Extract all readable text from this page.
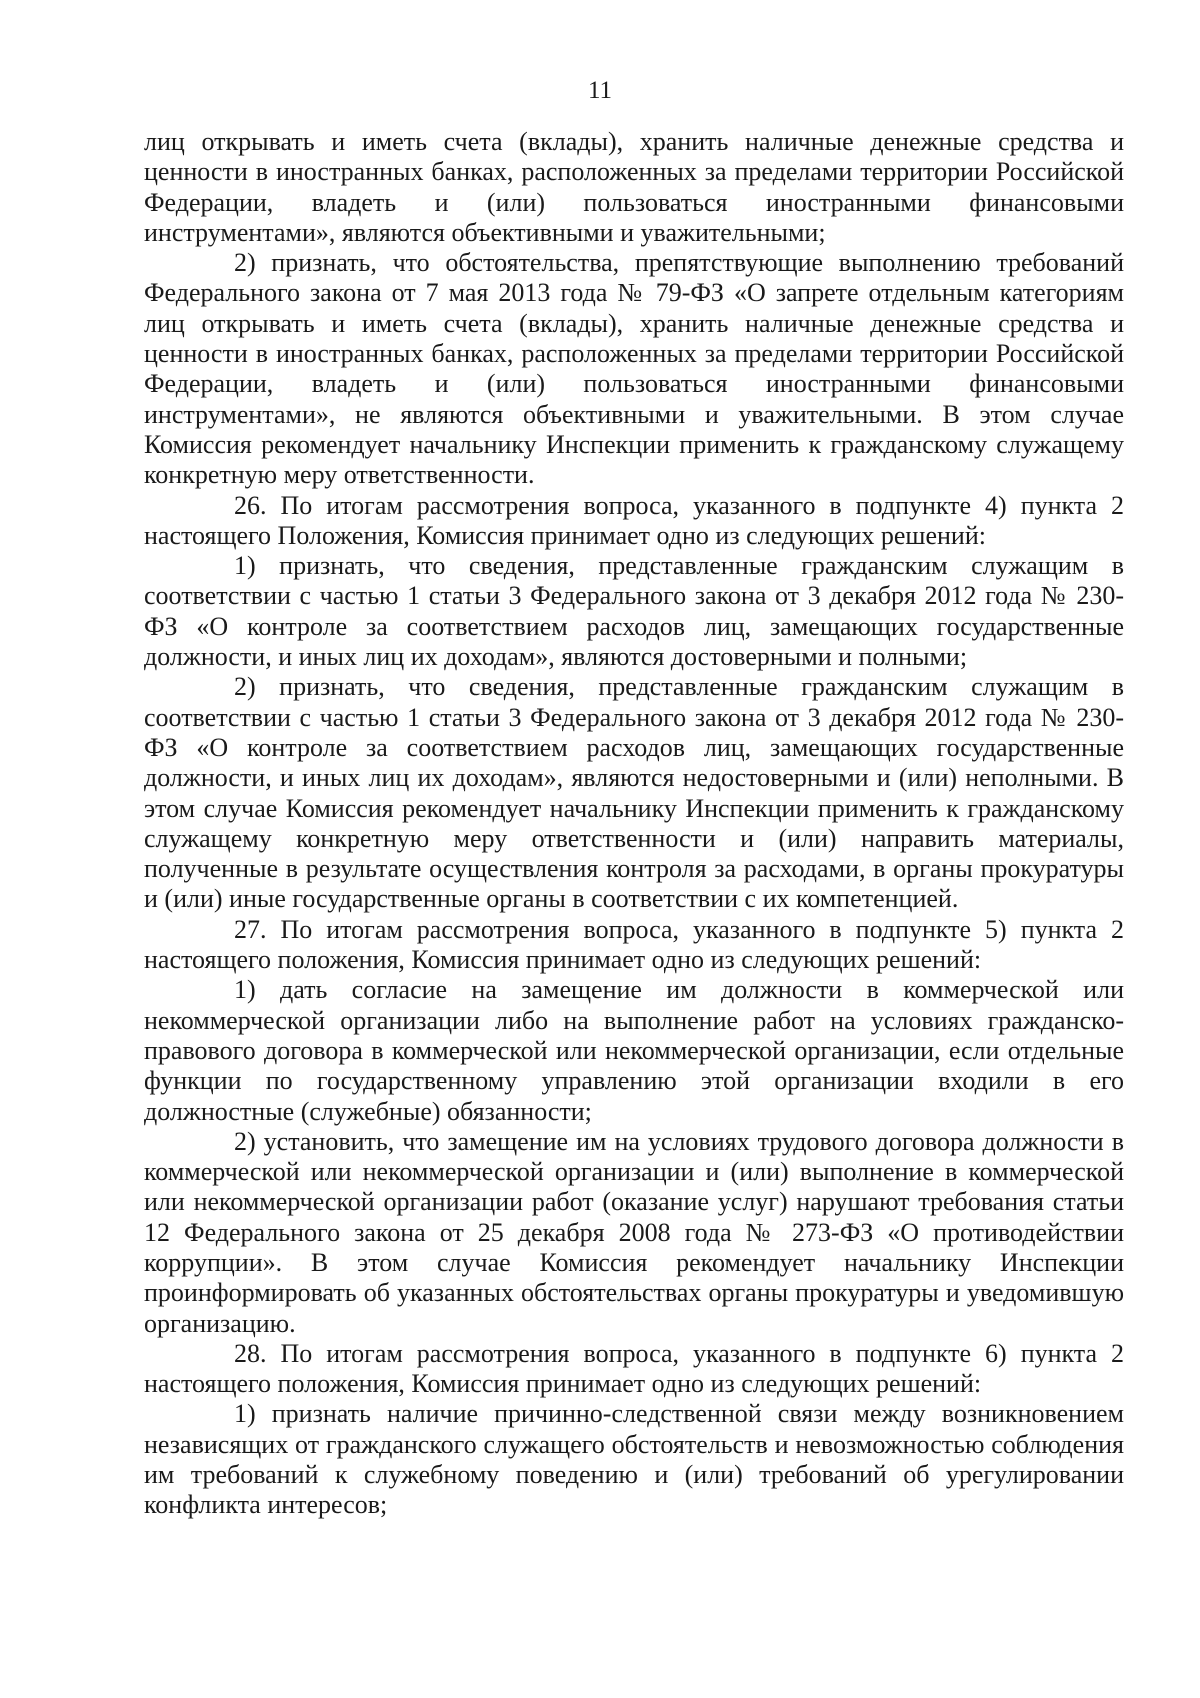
11

лиц открывать и иметь счета (вклады), хранить наличные денежные средства и ценности в иностранных банках, расположенных за пределами территории Российской Федерации, владеть и (или) пользоваться иностранными финансовыми инструментами», являются объективными и уважительными;

2) признать, что обстоятельства, препятствующие выполнению требований Федерального закона от 7 мая 2013 года № 79-ФЗ «О запрете отдельным категориям лиц открывать и иметь счета (вклады), хранить наличные денежные средства и ценности в иностранных банках, расположенных за пределами территории Российской Федерации, владеть и (или) пользоваться иностранными финансовыми инструментами», не являются объективными и уважительными. В этом случае Комиссия рекомендует начальнику Инспекции применить к гражданскому служащему конкретную меру ответственности.

26. По итогам рассмотрения вопроса, указанного в подпункте 4) пункта 2 настоящего Положения, Комиссия принимает одно из следующих решений:

1) признать, что сведения, представленные гражданским служащим в соответствии с частью 1 статьи 3 Федерального закона от 3 декабря 2012 года № 230-ФЗ «О контроле за соответствием расходов лиц, замещающих государственные должности, и иных лиц их доходам», являются достоверными и полными;

2) признать, что сведения, представленные гражданским служащим в соответствии с частью 1 статьи 3 Федерального закона от 3 декабря 2012 года № 230-ФЗ «О контроле за соответствием расходов лиц, замещающих государственные должности, и иных лиц их доходам», являются недостоверными и (или) неполными. В этом случае Комиссия рекомендует начальнику Инспекции применить к гражданскому служащему конкретную меру ответственности и (или) направить материалы, полученные в результате осуществления контроля за расходами, в органы прокуратуры и (или) иные государственные органы в соответствии с их компетенцией.

27. По итогам рассмотрения вопроса, указанного в подпункте 5) пункта 2 настоящего положения, Комиссия принимает одно из следующих решений:

1) дать согласие на замещение им должности в коммерческой или некоммерческой организации либо на выполнение работ на условиях гражданско-правового договора в коммерческой или некоммерческой организации, если отдельные функции по государственному управлению этой организации входили в его должностные (служебные) обязанности;

2) установить, что замещение им на условиях трудового договора должности в коммерческой или некоммерческой организации и (или) выполнение в коммерческой или некоммерческой организации работ (оказание услуг) нарушают требования статьи 12 Федерального закона от 25 декабря 2008 года № 273-ФЗ «О противодействии коррупции». В этом случае Комиссия рекомендует начальнику Инспекции проинформировать об указанных обстоятельствах органы прокуратуры и уведомившую организацию.

28. По итогам рассмотрения вопроса, указанного в подпункте 6) пункта 2 настоящего положения, Комиссия принимает одно из следующих решений:

1) признать наличие причинно-следственной связи между возникновением независящих от гражданского служащего обстоятельств и невозможностью соблюдения им требований к служебному поведению и (или) требований об урегулировании конфликта интересов;
